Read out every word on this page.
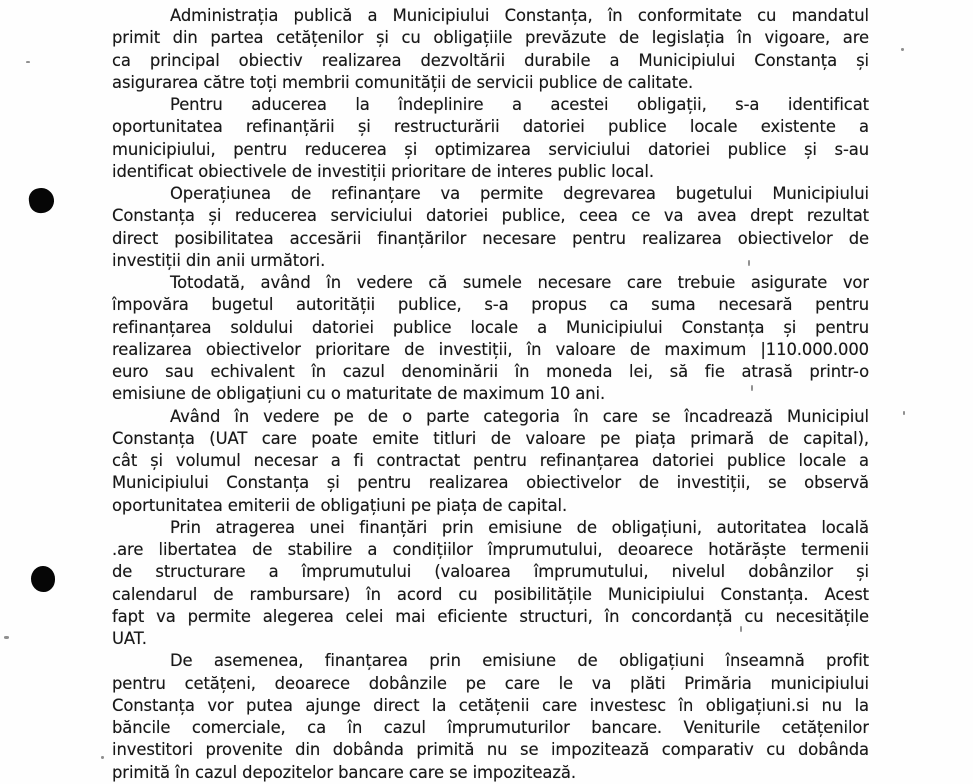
Administrația publică a Municipiului Constanța, în conformitate cu mandatul
primit din partea cetățenilor și cu obligațiile prevăzute de legislația în vigoare, are
ca principal obiectiv realizarea dezvoltării durabile a Municipiului Constanța și
asigurarea către toți membrii comunității de servicii publice de calitate.
Pentru aducerea la îndeplinire a acestei obligații, s-a identificat
oportunitatea refinanțării și restructurării datoriei publice locale existente a
municipiului, pentru reducerea și optimizarea serviciului datoriei publice și s-au
identificat obiectivele de investiții prioritare de interes public local.
Operațiunea de refinanțare va permite degrevarea bugetului Municipiului
Constanța și reducerea serviciului datoriei publice, ceea ce va avea drept rezultat
direct posibilitatea accesării finanțărilor necesare pentru realizarea obiectivelor de
investiții din anii următori.
Totodată, având în vedere că sumele necesare care trebuie asigurate vor
împovăra bugetul autorității publice, s-a propus ca suma necesară pentru
refinanțarea soldului datoriei publice locale a Municipiului Constanța și pentru
realizarea obiectivelor prioritare de investiții, în valoare de maximum |110.000.000
euro sau echivalent în cazul denominării în moneda lei, să fie atrasă printr-o
emisiune de obligațiuni cu o maturitate de maximum 10 ani.
Având în vedere pe de o parte categoria în care se încadrează Municipiul
Constanța (UAT care poate emite titluri de valoare pe piața primară de capital),
cât și volumul necesar a fi contractat pentru refinanțarea datoriei publice locale a
Municipiului Constanța și pentru realizarea obiectivelor de investiții, se observă
oportunitatea emiterii de obligațiuni pe piața de capital.
Prin atragerea unei finanțări prin emisiune de obligațiuni, autoritatea locală
.are libertatea de stabilire a condițiilor împrumutului, deoarece hotărăște termenii
de structurare a împrumutului (valoarea împrumutului, nivelul dobânzilor și
calendarul de rambursare) în acord cu posibilitățile Municipiului Constanța. Acest
fapt va permite alegerea celei mai eficiente structuri, în concordanță cu necesitățile
UAT.
De asemenea, finanțarea prin emisiune de obligațiuni înseamnă profit
pentru cetățeni, deoarece dobânzile pe care le va plăti Primăria municipiului
Constanța vor putea ajunge direct la cetățenii care investesc în obligațiuni.si nu la
băncile comerciale, ca în cazul împrumuturilor bancare. Veniturile cetățenilor
investitori provenite din dobânda primită nu se impozitează comparativ cu dobânda
primită în cazul depozitelor bancare care se impozitează.
